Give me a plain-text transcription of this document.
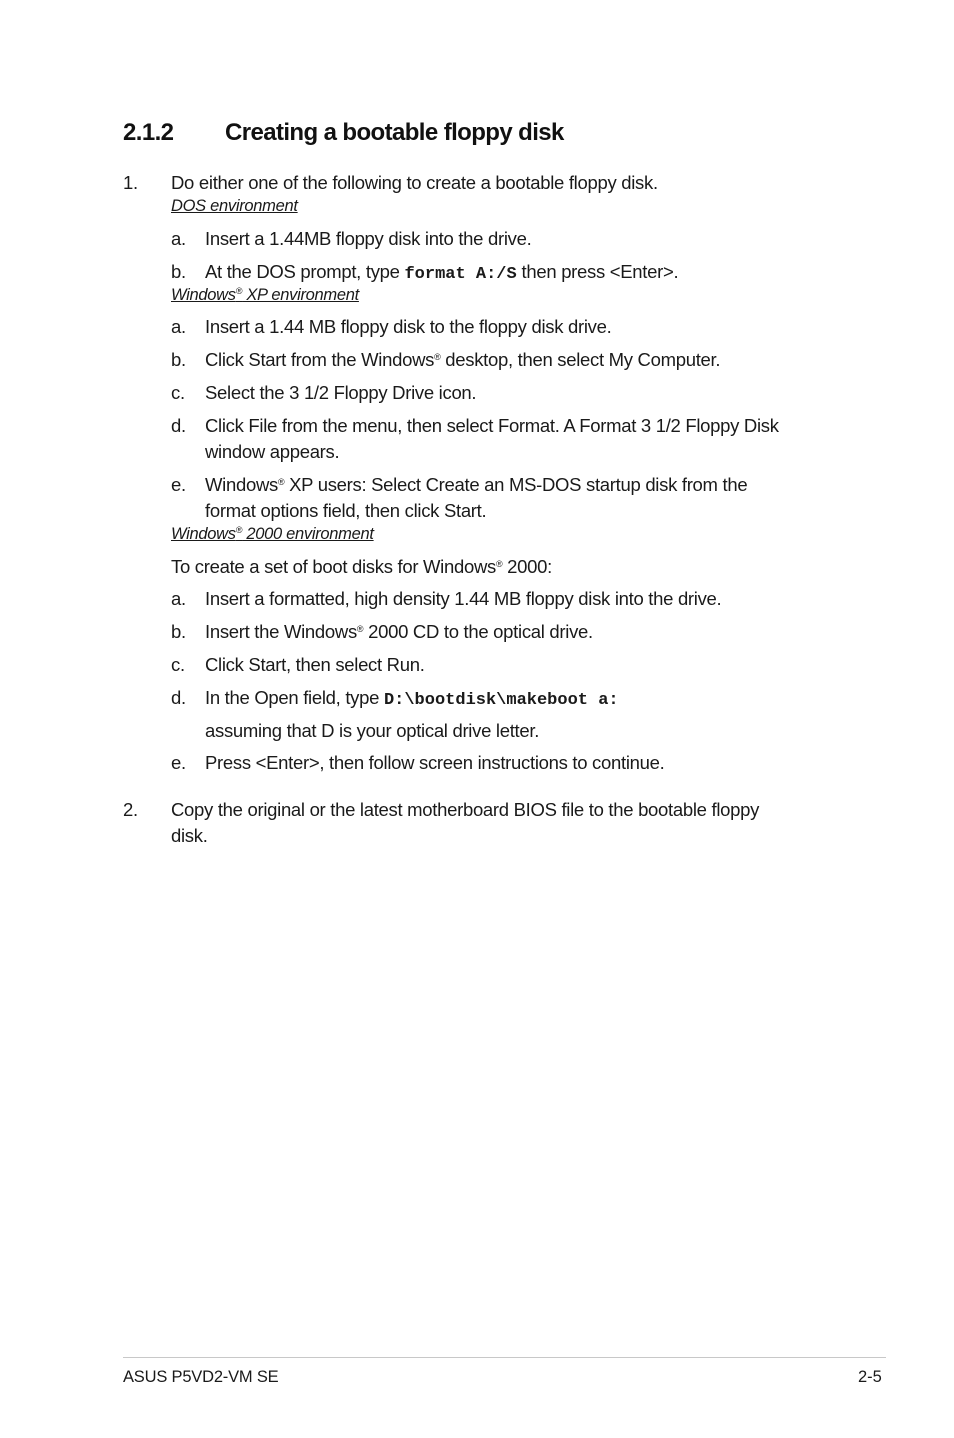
2.1.2 Creating a bootable floppy disk
1. Do either one of the following to create a bootable floppy disk.
DOS environment
a. Insert a 1.44MB floppy disk into the drive.
b. At the DOS prompt, type format A:/S then press <Enter>.
Windows® XP environment
a. Insert a 1.44 MB floppy disk to the floppy disk drive.
b. Click Start from the Windows® desktop, then select My Computer.
c. Select the 3 1/2 Floppy Drive icon.
d. Click File from the menu, then select Format. A Format 3 1/2 Floppy Disk
window appears.
e. Windows® XP users: Select Create an MS-DOS startup disk from the
format options field, then click Start.
Windows® 2000 environment
To create a set of boot disks for Windows® 2000:
a. Insert a formatted, high density 1.44 MB floppy disk into the drive.
b. Insert the Windows® 2000 CD to the optical drive.
c. Click Start, then select Run.
d. In the Open field, type D:\bootdisk\makeboot a:
assuming that D is your optical drive letter.
e. Press <Enter>, then follow screen instructions to continue.
2. Copy the original or the latest motherboard BIOS file to the bootable floppy
disk.
ASUS P5VD2-VM SE	2-5
